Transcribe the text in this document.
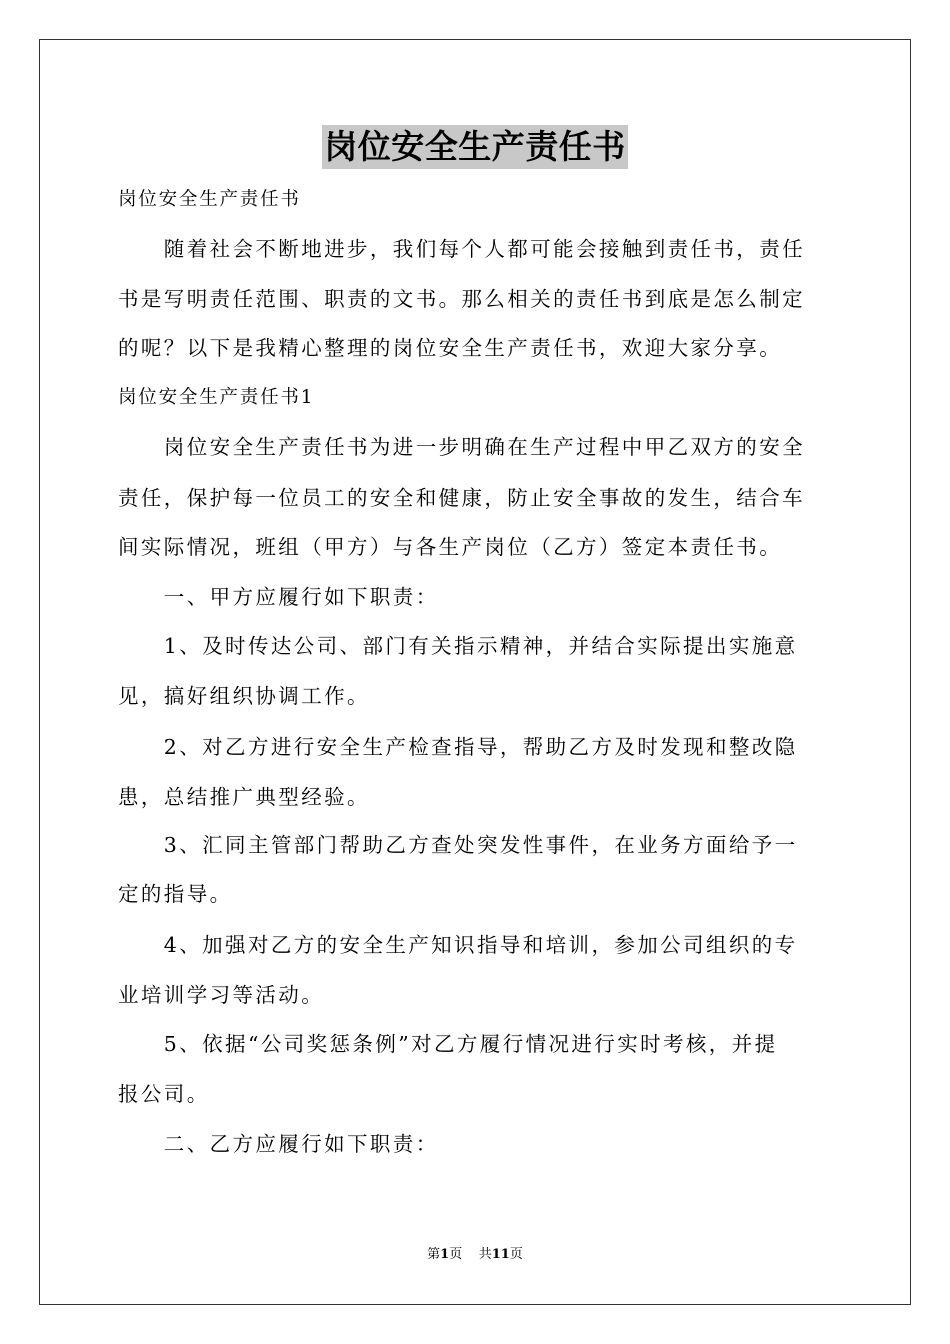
岗位安全生产责任书
岗位安全生产责任书
　　随着社会不断地进步，我们每个人都可能会接触到责任书，责任
书是写明责任范围、职责的文书。那么相关的责任书到底是怎么制定
的呢？以下是我精心整理的岗位安全生产责任书，欢迎大家分享。
岗位安全生产责任书1
　　岗位安全生产责任书为进一步明确在生产过程中甲乙双方的安全
责任，保护每一位员工的安全和健康，防止安全事故的发生，结合车
间实际情况，班组（甲方）与各生产岗位（乙方）签定本责任书。
　　一、甲方应履行如下职责：
　　1、及时传达公司、部门有关指示精神，并结合实际提出实施意
见，搞好组织协调工作。
　　2、对乙方进行安全生产检查指导，帮助乙方及时发现和整改隐
患，总结推广典型经验。
　　3、汇同主管部门帮助乙方查处突发性事件，在业务方面给予一
定的指导。
　　4、加强对乙方的安全生产知识指导和培训，参加公司组织的专
业培训学习等活动。
　　5、依据“公司奖惩条例”对乙方履行情况进行实时考核，并提
报公司。
　　二、乙方应履行如下职责：
第1页 共11页
